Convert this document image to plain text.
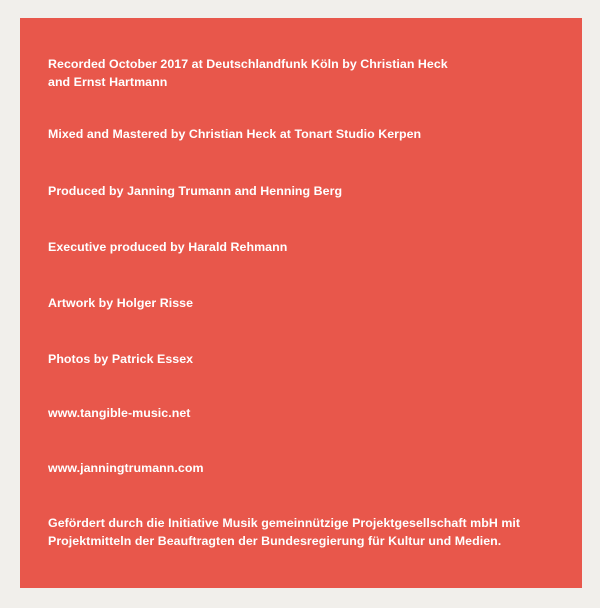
Recorded October 2017 at Deutschlandfunk Köln by Christian Heck
and Ernst Hartmann
Mixed and Mastered by Christian Heck at Tonart Studio Kerpen
Produced by Janning Trumann and Henning Berg
Executive produced by Harald Rehmann
Artwork by Holger Risse
Photos by Patrick Essex
www.tangible-music.net
www.janningtrumann.com
Gefördert durch die Initiative Musik gemeinnützige Projektgesellschaft mbH mit
Projektmitteln der Beauftragten der Bundesregierung für Kultur und Medien.
